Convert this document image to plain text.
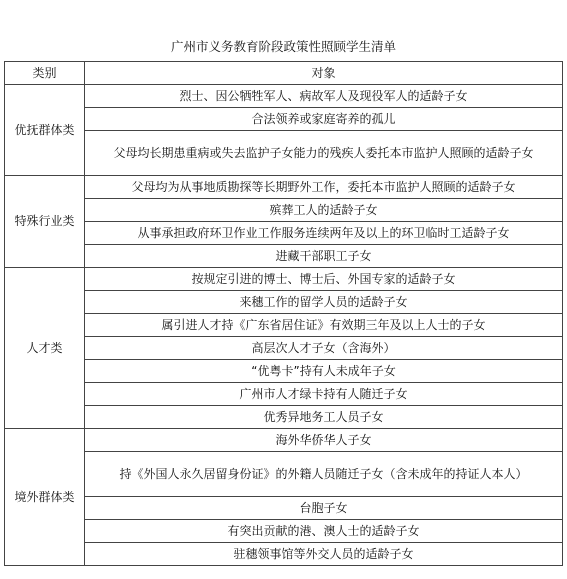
广州市义务教育阶段政策性照顾学生清单
类别	对象
优抚群体类	烈士、因公牺牲军人、病故军人及现役军人的适龄子女
	合法领养或家庭寄养的孤儿
	父母均长期患重病或失去监护子女能力的残疾人委托本市监护人照顾的适龄子女
特殊行业类	父母均为从事地质勘探等长期野外工作，委托本市监护人照顾的适龄子女
	殡葬工人的适龄子女
	从事承担政府环卫作业工作服务连续两年及以上的环卫临时工适龄子女
	进藏干部职工子女
人才类	按规定引进的博士、博士后、外国专家的适龄子女
	来穗工作的留学人员的适龄子女
	属引进人才持《广东省居住证》有效期三年及以上人士的子女
	高层次人才子女（含海外）
	“优粤卡”持有人未成年子女
	广州市人才绿卡持有人随迁子女
	优秀异地务工人员子女
境外群体类	海外华侨华人子女
	持《外国人永久居留身份证》的外籍人员随迁子女（含未成年的持证人本人）
	台胞子女
	有突出贡献的港、澳人士的适龄子女
	驻穗领事馆等外交人员的适龄子女
